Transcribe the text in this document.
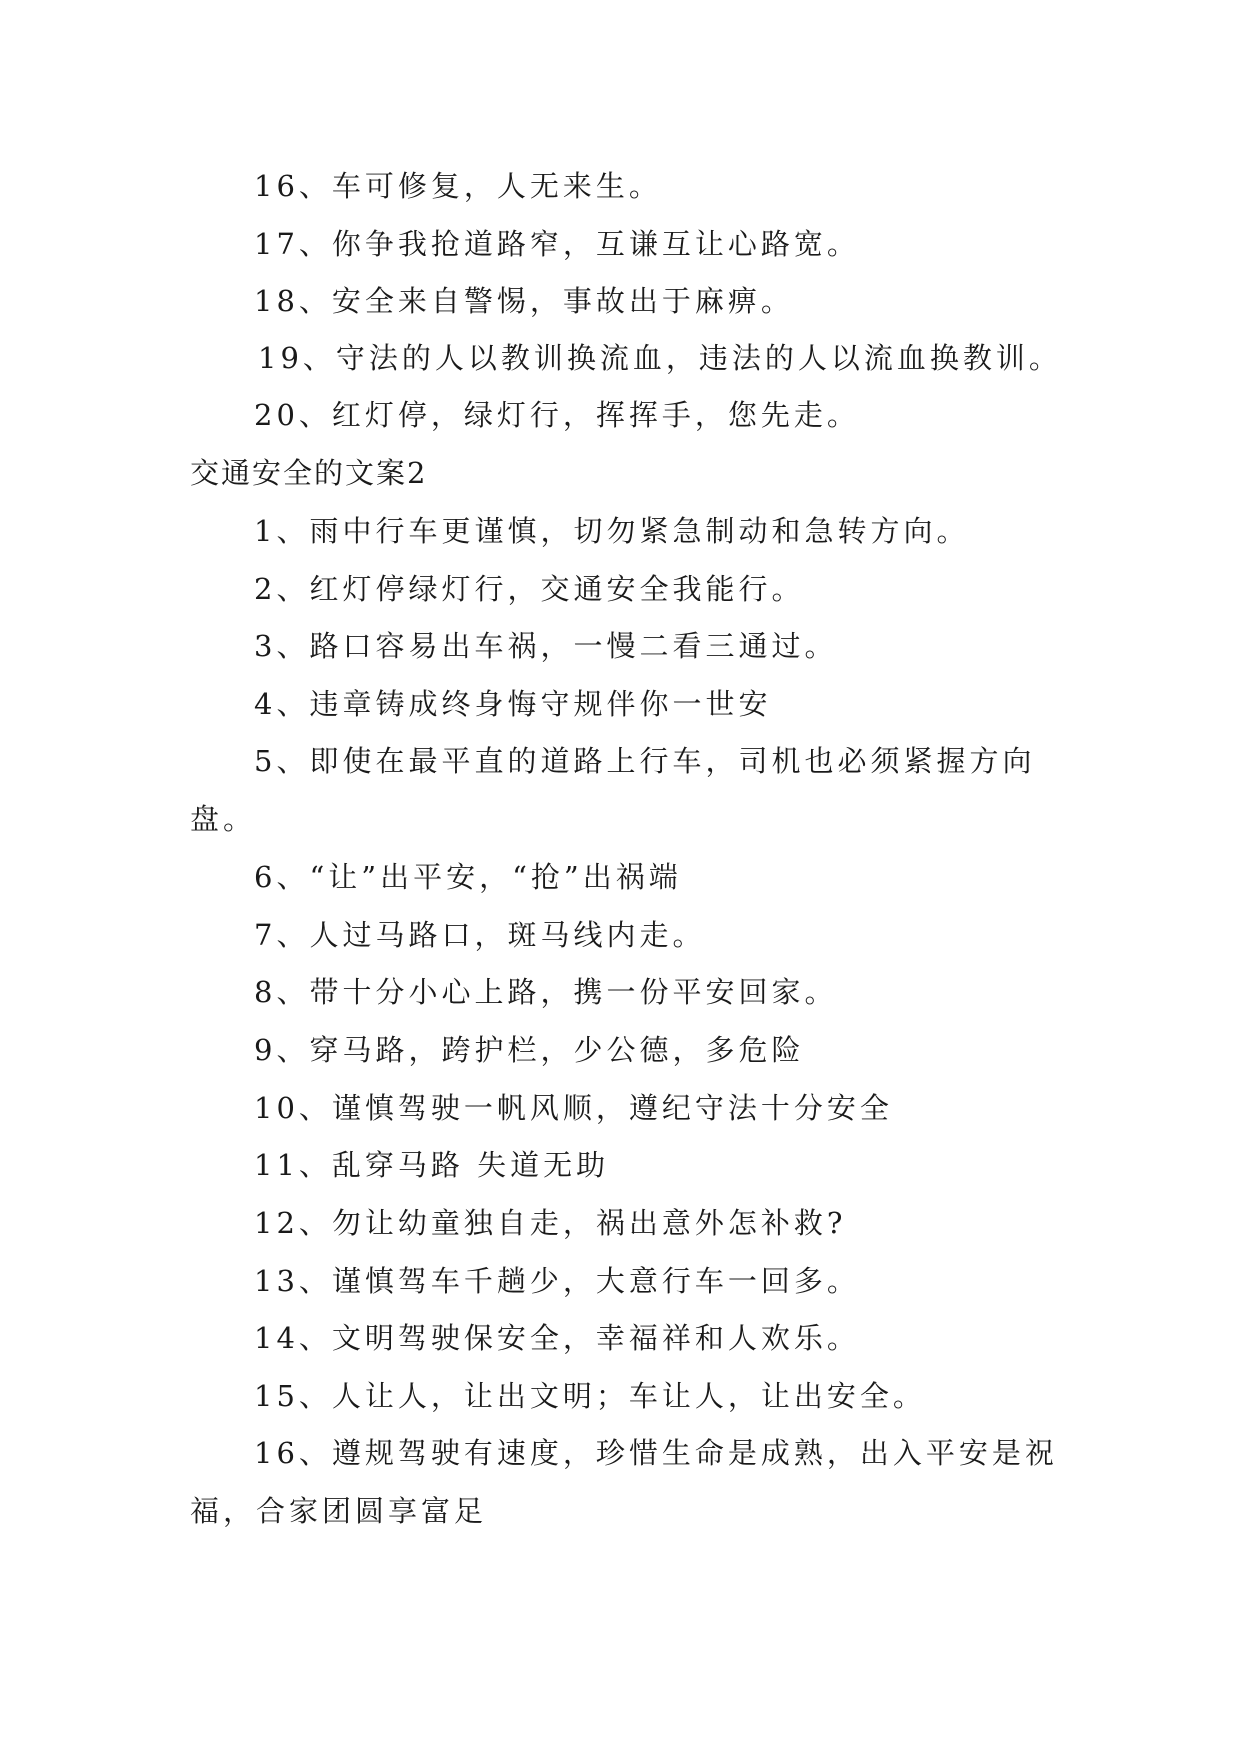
16、车可修复，人无来生。
17、你争我抢道路窄，互谦互让心路宽。
18、安全来自警惕，事故出于麻痹。
19、守法的人以教训换流血，违法的人以流血换教训。
20、红灯停，绿灯行，挥挥手，您先走。
交通安全的文案2
1、雨中行车更谨慎，切勿紧急制动和急转方向。
2、红灯停绿灯行，交通安全我能行。
3、路口容易出车祸，一慢二看三通过。
4、违章铸成终身悔守规伴你一世安
5、即使在最平直的道路上行车，司机也必须紧握方向
盘。
6、“让”出平安，“抢”出祸端
7、人过马路口，斑马线内走。
8、带十分小心上路，携一份平安回家。
9、穿马路，跨护栏，少公德，多危险
10、谨慎驾驶一帆风顺，遵纪守法十分安全
11、乱穿马路 失道无助
12、勿让幼童独自走，祸出意外怎补救?
13、谨慎驾车千趟少，大意行车一回多。
14、文明驾驶保安全，幸福祥和人欢乐。
15、人让人，让出文明；车让人，让出安全。
16、遵规驾驶有速度，珍惜生命是成熟，出入平安是祝
福，合家团圆享富足
